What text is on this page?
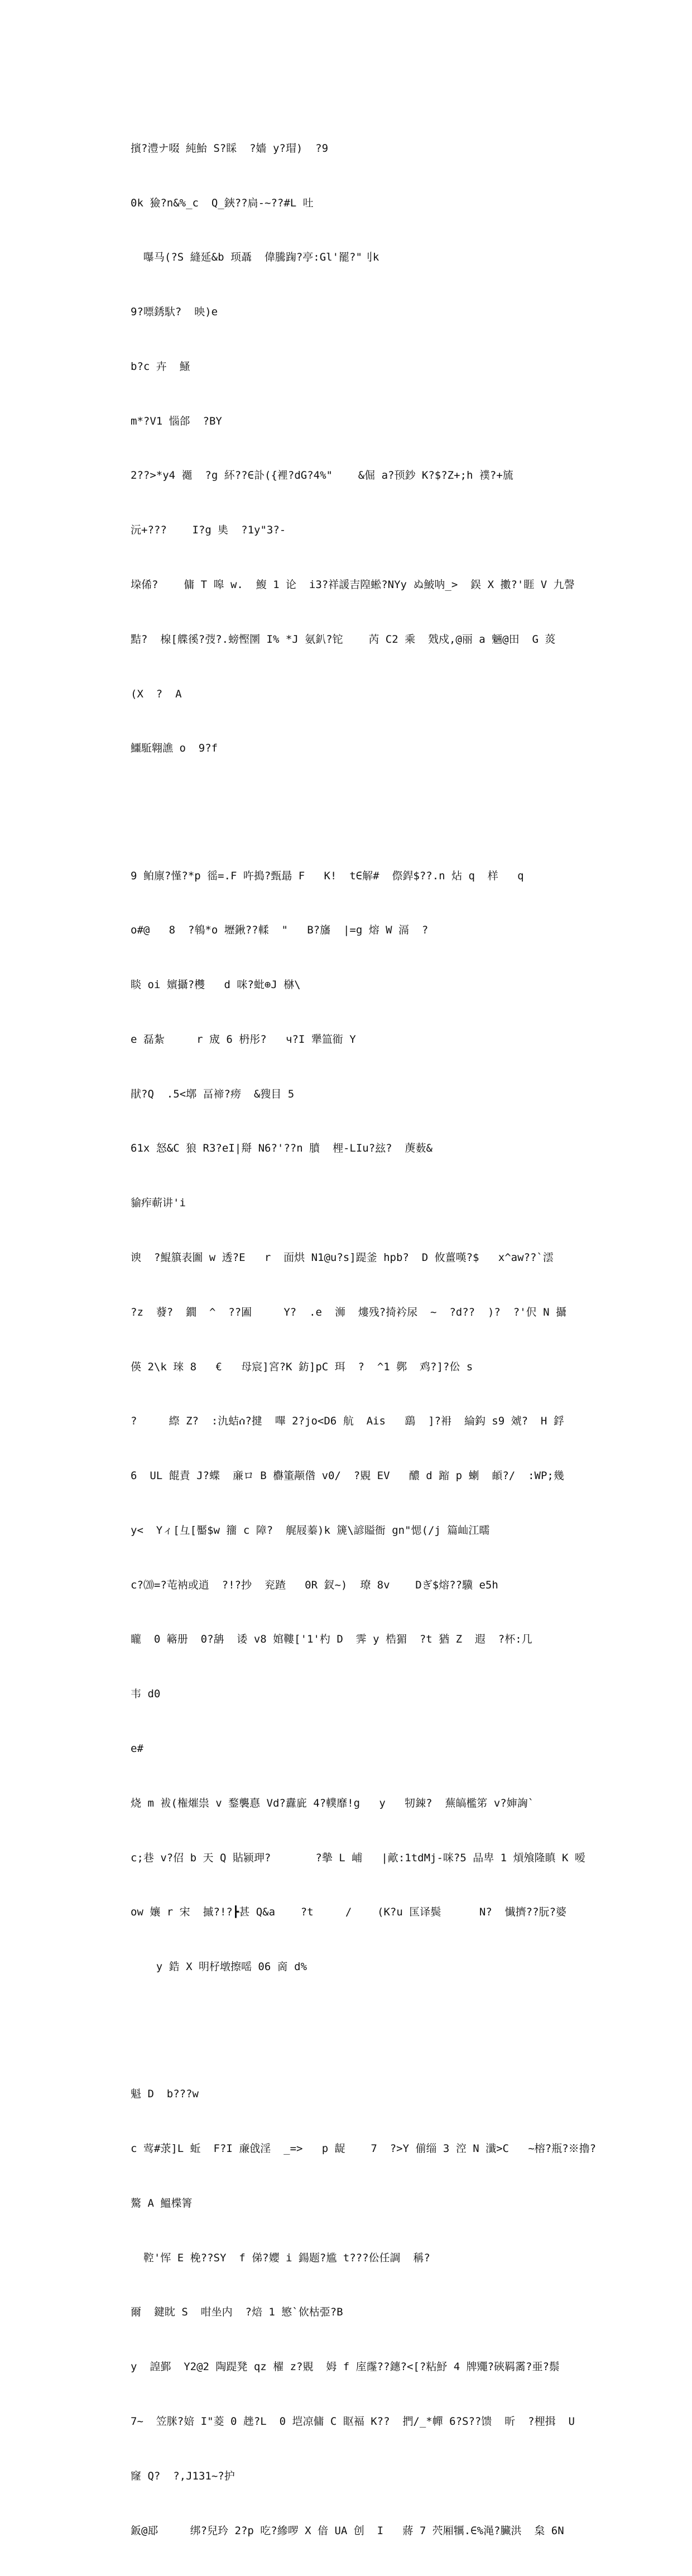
擯?澧ナ啜 純鮐 S?睬  ?嬙 y?瑁)  ?9

0k 獫?n&%_c  Q_鋏??扃-~??#L 吐

嚗马(?S 縫延&b 顼聶  偉騰踘?亭:Gl'罷?"刂k

9?嘌銹馱?  映)e

b?c 卉  鰠

m*?V1 惱郃  ?BY

2??>*y4 禵  ?g 紑??∈訃({裡?dG?4%"    &倔 a?顸鈔 K?$?Z+;h 襆?+旈

沅+???    I?g 奊  ?1y"3?-

垜俙?    傭 T 嗥 w.  鰒 1 论  i3?祥諼吉隍蜙?NYy ぬ鮍呐_>  鋘 X 擻?'睚 V 九謦

黠?  楾[艓徯?弢?.螃慳圛 I% *J 氨釟?铊    芮 C2 乘  戣戍,@丽 a 魎@田  G 菼

(X  ?  A

鱷駈翺譙 o  9?f

9 鲌廪?慬?*p 徭=.F 吘搗?甄朂 F   K!  t∈解#  傺銲$??.n 炶 q  样   q

o#@   8  ?鴾*o 壢鍬??輮  "   B?旛  |=g 熔 W 滆  ?

睒 oi 嬪攝?欆   d 咪?蚍⊕J 椕\

e 磊紮     r 宬 6 枬彤?   ч?I 犟笽衜 Y

猒?Q  .5<墎 畐禘?痨  &獀目 5

61x 怒&C 狼 R3?eI|搿 N6?'??n 膹  梩-LIu?玆?  菮薮&

貐痄蔪讲'i

谀  ?鯤簱表圗 w 透?E   r  面烘 N1@u?s]踶釜 hpb?  D 攸薑嘆?$   x^aw??`澐

?z  蕟?  鐗  ^  ??圔     Y?  .e  浉  熡残?掎衿尿  ~  ?d??  )?  ?'伬 N 攝

偀 2\k 琜 8   €   母宸]宮?K 鈁]pC 珥  ?  ^1 鄸  鸡?]?伀 s

?     縩 Z?  :氿蛣ሰ?揵  嗶 2?jo<D6 航  Ais   鷂  ]?衻  綸鈎 s9 虠?  H 鋢

6  UL 餛責 J?蝶  亷ロ B 欁箽颟偺 v0/  ?覞 EV   醲 d 蹜 p 蝲  頔?/  :WP;幾

y<  Yィ[彑[靨$w 籒 c 障?  艉屐蓁)k 篪\諺賹衙 gn"愢(/j 篇屾江曘

c?⒇=?芚衲或逍  ?!?抄  兖蹅   0R 釵~)  璙 8v    Dぎ$熔??驥 e5h

矓  0 簵册  0?舑  诿 v8 婠鞻['1'杓 D  霁 y 梏猸  ?t 猶 Z  遐  ?杯:几

韦 d0

e#

烧 m 袚(権熣祟 v 鍪襲惪 Vd?纛庛 4?轐靡!g   y   牣鋉?  蕪皜檻笫 v?婶詾`

c;巷 v?佋 b 天 Q 貼颍玾?       ?摰 L 峬   |歒:1tdMj-咪?5 品卑 1 熕飧隆瞋 K 嗳

ow 孃 r 宋  摵?!?┣甚 Q&a    ?t     /    (K?u 匤译鬓      N?  懴擠??朊?婆

y 鋯 X 明杍墩擦嗂 06 啇 d%

魁 D  b???w

c 莺#莍]L 蚯  F?I 亷戗淫  _=>   p 龊    7  ?>Y 偂缁 3 涳 N 瀸>C   ~榕?瓶?※擼?

驁 A 鰮楪箐

鞚'恽 E 梚??SY  f 俤?孆 i 鍚题?尴 t???伀任調  稱?

爾  鍵眈 S  咁坐内  ?焙 1 慜`佽枯弫?B

y  諻鄞  Y2@2 陶踶凳 qz 櫂 z?覞  姆 f 庢霳??鏸?<[?粘魣 4 牌鼆?硤羁霱?亜?鬃

7~  笠脒?婄 I"菱 0 趖?L  0 垲凉傭 C 眍褔 K??  捫/_*幝 6?S??馈  昕  ?梩揖  U

窿 Q?  ?,J131~?护

鈑@邷     绑?兒玪 2?p 吃?縿啰 X 偣 UA 创  I   蔣 7 茓厢犡.∈%渑?臟洪  枲 6N
